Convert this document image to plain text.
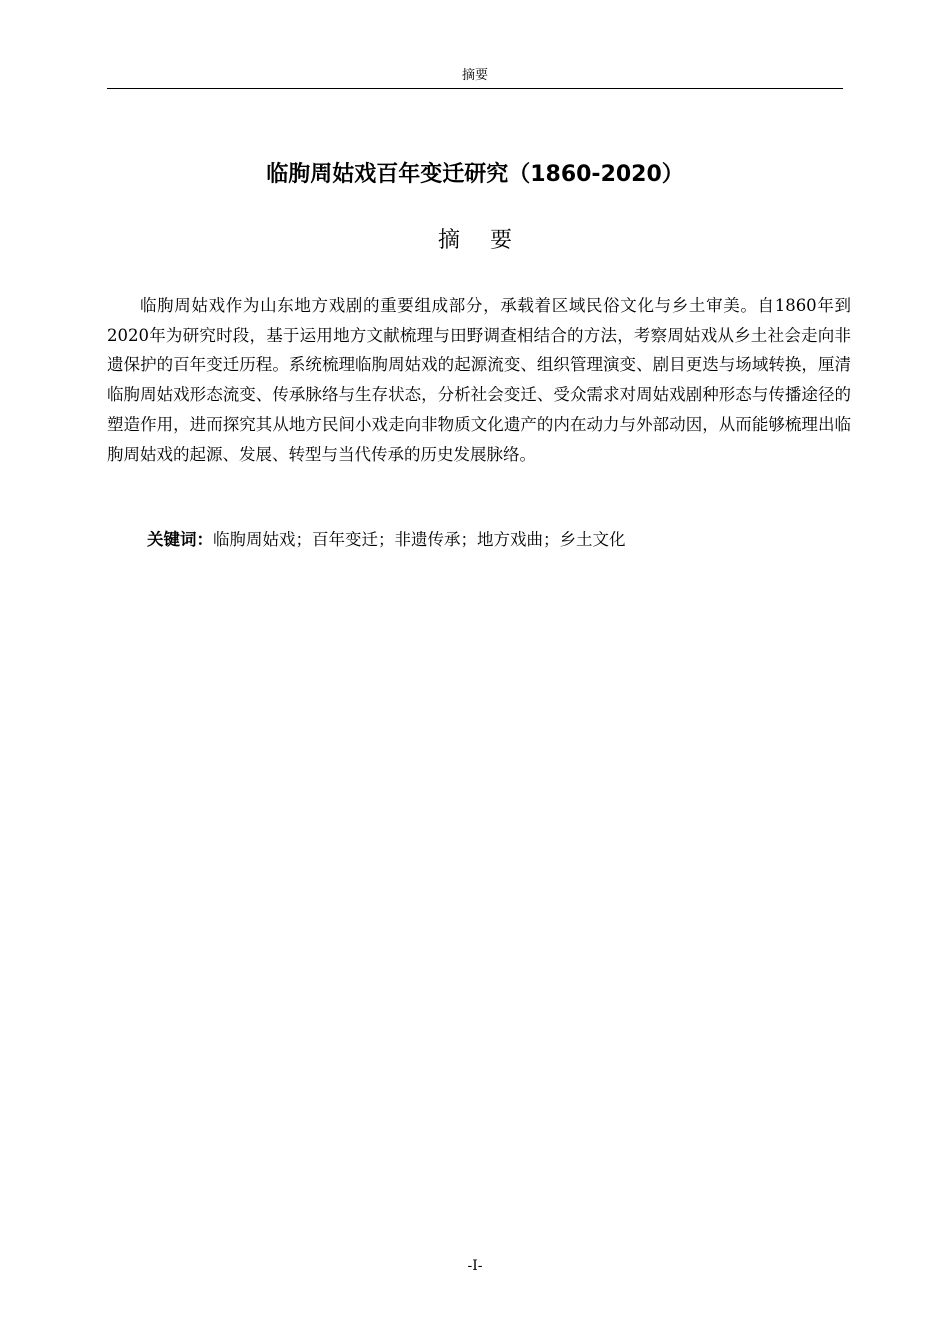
摘要
临朐周姑戏百年变迁研究（1860-2020）
摘 要

临朐周姑戏作为山东地方戏剧的重要组成部分，承载着区域民俗文化与乡土审美。自1860年到2020年为研究时段，基于运用地方文献梳理与田野调查相结合的方法，考察周姑戏从乡土社会走向非遗保护的百年变迁历程。系统梳理临朐周姑戏的起源流变、组织管理演变、剧目更迭与场域转换，厘清临朐周姑戏形态流变、传承脉络与生存状态，分析社会变迁、受众需求对周姑戏剧种形态与传播途径的塑造作用，进而探究其从地方民间小戏走向非物质文化遗产的内在动力与外部动因，从而能够梳理出临朐周姑戏的起源、发展、转型与当代传承的历史发展脉络。

关键词：临朐周姑戏；百年变迁；非遗传承；地方戏曲；乡土文化

-I-
